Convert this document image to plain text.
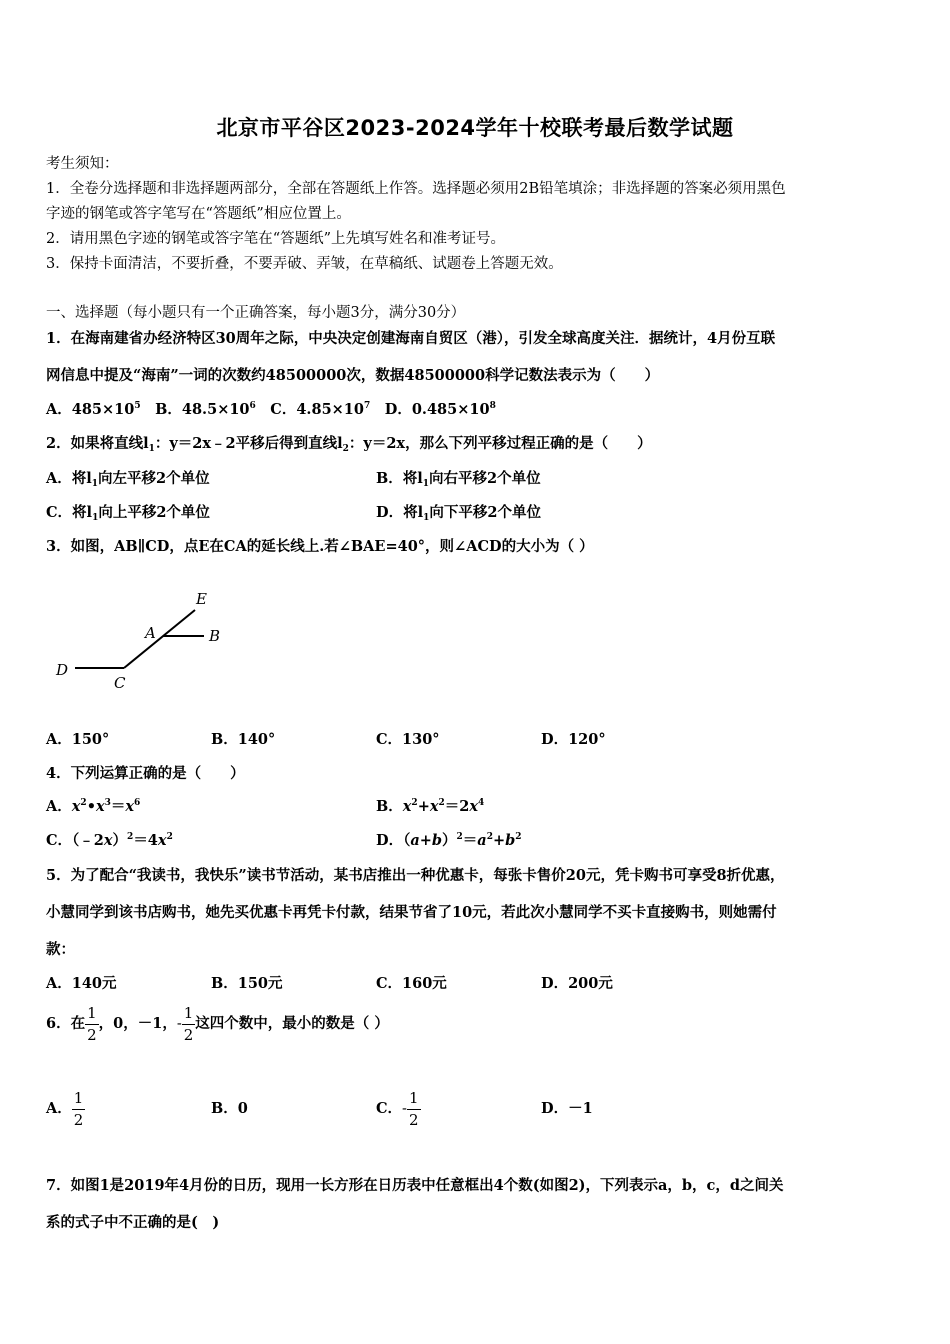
北京市平谷区2023-2024学年十校联考最后数学试题
考生须知：
1．全卷分选择题和非选择题两部分，全部在答题纸上作答。选择题必须用2B铅笔填涂；非选择题的答案必须用黑色
字迹的钢笔或答字笔写在“答题纸”相应位置上。
2．请用黑色字迹的钢笔或答字笔在“答题纸”上先填写姓名和准考证号。
3．保持卡面清洁，不要折叠，不要弄破、弄皱，在草稿纸、试题卷上答题无效。
一、选择题（每小题只有一个正确答案，每小题3分，满分30分）
1．在海南建省办经济特区30周年之际，中央决定创建海南自贸区（港），引发全球高度关注．据统计，4月份互联
网信息中提及“海南”一词的次数约48500000次，数据48500000科学记数法表示为（　　）
A．$485\times 10^5$　B．$48.5\times 10^6$　C．$4.85\times 10^7$　D．$0.485\times 10^8$
2．如果将直线$l_1$：y＝2x﹣2平移后得到直线$l_2$：y＝2x，那么下列平移过程正确的是（　　）
A．将$l_1$向左平移2个单位	B．将$l_1$向右平移2个单位
C．将$l_1$向上平移2个单位	D．将$l_1$向下平移2个单位
3．如图，AB∥CD，点E在CA的延长线上.若∠BAE=40°，则∠ACD的大小为（ ）
E
A	B
D
C
A．150°	B．140°	C．130°	D．120°
4．下列运算正确的是（　　）
A．$x^2•x^3=x^6$	B．$x^2+x^2=2x^4$
C．$(﹣2x)^2=4x^2$	D．$(a+b)^2=a^2+b^2$
5．为了配合“我读书，我快乐”读书节活动，某书店推出一种优惠卡，每张卡售价20元，凭卡购书可享受8折优惠，
小慧同学到该书店购书，她先买优惠卡再凭卡付款，结果节省了10元，若此次小慧同学不买卡直接购书，则她需付
款：
A．140元	B．150元	C．160元	D．200元
6．在 $\frac{1}{2}$ ，0，－1，- $\frac{1}{2}$ 这四个数中，最小的数是（ ）
A． $\frac{1}{2}$	B．0	C．- $\frac{1}{2}$	D．－1
7．如图1是2019年4月份的日历，现用一长方形在日历表中任意框出4个数(如图2)，下列表示a，b，c，d之间关
系的式子中不正确的是(　)
